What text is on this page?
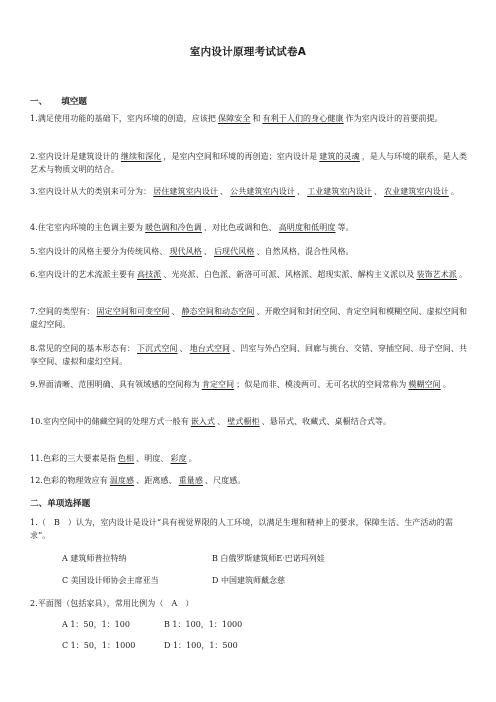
室内设计原理考试试卷A
一、 填空题
1.满足使用功能的基础下，室内环境的创造，应该把 保障安全 和 有利于人们的身心健康 作为室内设计的首要前提。
2.室内设计是建筑设计的 继续和深化 ，是室内空间和环境的再创造；室内设计是 建筑的灵魂 ，是人与环境的联系，是人类艺术与物质文明的结合。
3.室内设计从大的类别来可分为： 居住建筑室内设计 、 公共建筑室内设计 、 工业建筑室内设计 、 农业建筑室内设计 。
4.住宅室内环境的主色调主要为 暖色调和冷色调 、对比色或调和色、 高明度和低明度 等。
5.室内设计的风格主要分为传统风格、 现代风格 、 后现代风格 、自然风格、混合性风格。
6.室内设计的艺术流派主要有 高技派 、光亮派、白色派、新洛可可派、风格派、超现实派、解构主义派以及 装饰艺术派 。
7.空间的类型有： 固定空间和可变空间 、 静态空间和动态空间 、开敞空间和封闭空间、肯定空间和模糊空间、虚拟空间和虚幻空间。
8.常见的空间的基本形态有： 下沉式空间 、 地台式空间 、凹室与外凸空间、回廊与挑台、交错、穿插空间、母子空间、共享空间、虚拟和虚幻空间。
9.界面清晰、范围明确、具有领域感的空间称为 肯定空间 ；似是而非、模凌两可、无可名状的空间常称为 模糊空间 。
10.室内空间中的储藏空间的处理方式一般有 嵌入式 、 壁式橱柜 、悬吊式、收藏式、桌橱结合式等。
11.色彩的三大要素是指 色相 、明度、 彩度 。
12.色彩的物理效应有 温度感 、距离感、 重量感 、尺度感。
二、单项选择题
1.（ B ）认为，室内设计是设计“具有视觉界限的人工环境，以满足生理和精神上的要求，保障生活、生产活动的需求”。
A 建筑师普拉特纳	B 白俄罗斯建筑师E·巴诺玛列娃
C 美国设计师协会主席亚当	D 中国建筑师戴念慈
2.平面图（包括家具），常用比例为（ A ）
A 1：50，1：100	B 1：100，1：1000
C 1：50，1：1000	D 1：100，1：500
